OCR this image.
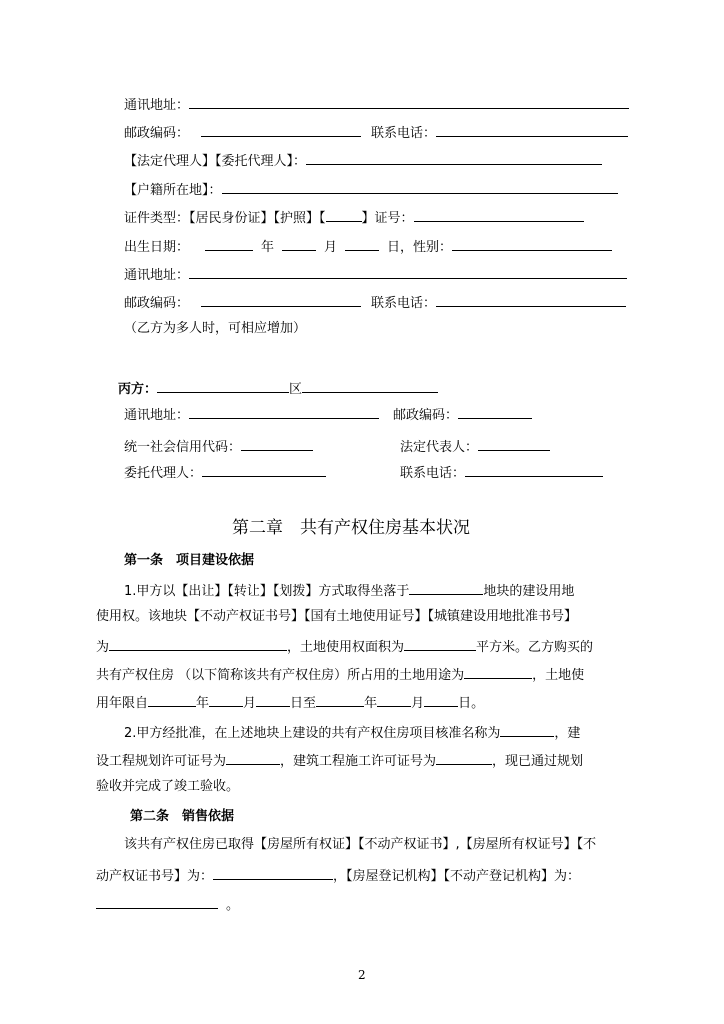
通讯地址：
邮政编码：	联系电话：
【法定代理人】【委托代理人】：
【户籍所在地】：
证件类型：【居民身份证】【护照】【	】证号：
出生日期：	年	月	日，性别：
通讯地址：
邮政编码：	联系电话：
（乙方为多人时，可相应增加）
丙方：	区
通讯地址：	邮政编码：
统一社会信用代码：	法定代表人：
委托代理人：	联系电话：
第二章　共有产权住房基本状况
第一条　项目建设依据
1.甲方以【出让】【转让】【划拨】方式取得坐落于	地块的建设用地
使用权。该地块【不动产权证书号】【国有土地使用证号】【城镇建设用地批准书号】
为	，土地使用权面积为	平方米。乙方购买的
共有产权住房 （以下简称该共有产权住房）所占用的土地用途为	，土地使
用年限自	年	月	日至	年	月	日。
2.甲方经批准，在上述地块上建设的共有产权住房项目核准名称为	，建
设工程规划许可证号为	，建筑工程施工许可证号为	，现已通过规划
验收并完成了竣工验收。
第二条　销售依据
该共有产权住房已取得【房屋所有权证】【不动产权证书】,【房屋所有权证号】【不
动产权证书号】为：	，【房屋登记机构】【不动产登记机构】为：
。
2
